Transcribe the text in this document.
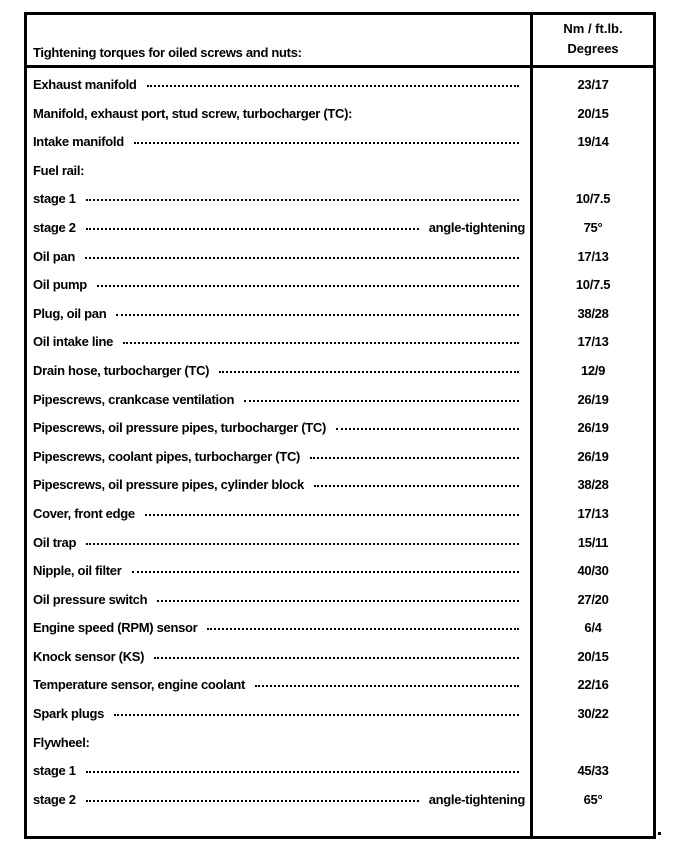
Tightening torques for oiled screws and nuts:
Nm / ft.lb.
Degrees
Exhaust manifold	23/17
Manifold, exhaust port, stud screw, turbocharger (TC):	20/15
Intake manifold	19/14
Fuel rail:
stage 1	10/7.5
stage 2	angle-tightening	75°
Oil pan	17/13
Oil pump	10/7.5
Plug, oil pan	38/28
Oil intake line	17/13
Drain hose, turbocharger (TC)	12/9
Pipescrews, crankcase ventilation	26/19
Pipescrews, oil pressure pipes, turbocharger (TC)	26/19
Pipescrews, coolant pipes, turbocharger (TC)	26/19
Pipescrews, oil pressure pipes, cylinder block	38/28
Cover, front edge	17/13
Oil trap	15/11
Nipple, oil filter	40/30
Oil pressure switch	27/20
Engine speed (RPM) sensor	6/4
Knock sensor (KS)	20/15
Temperature sensor, engine coolant	22/16
Spark plugs	30/22
Flywheel:
stage 1	45/33
stage 2	angle-tightening	65°
